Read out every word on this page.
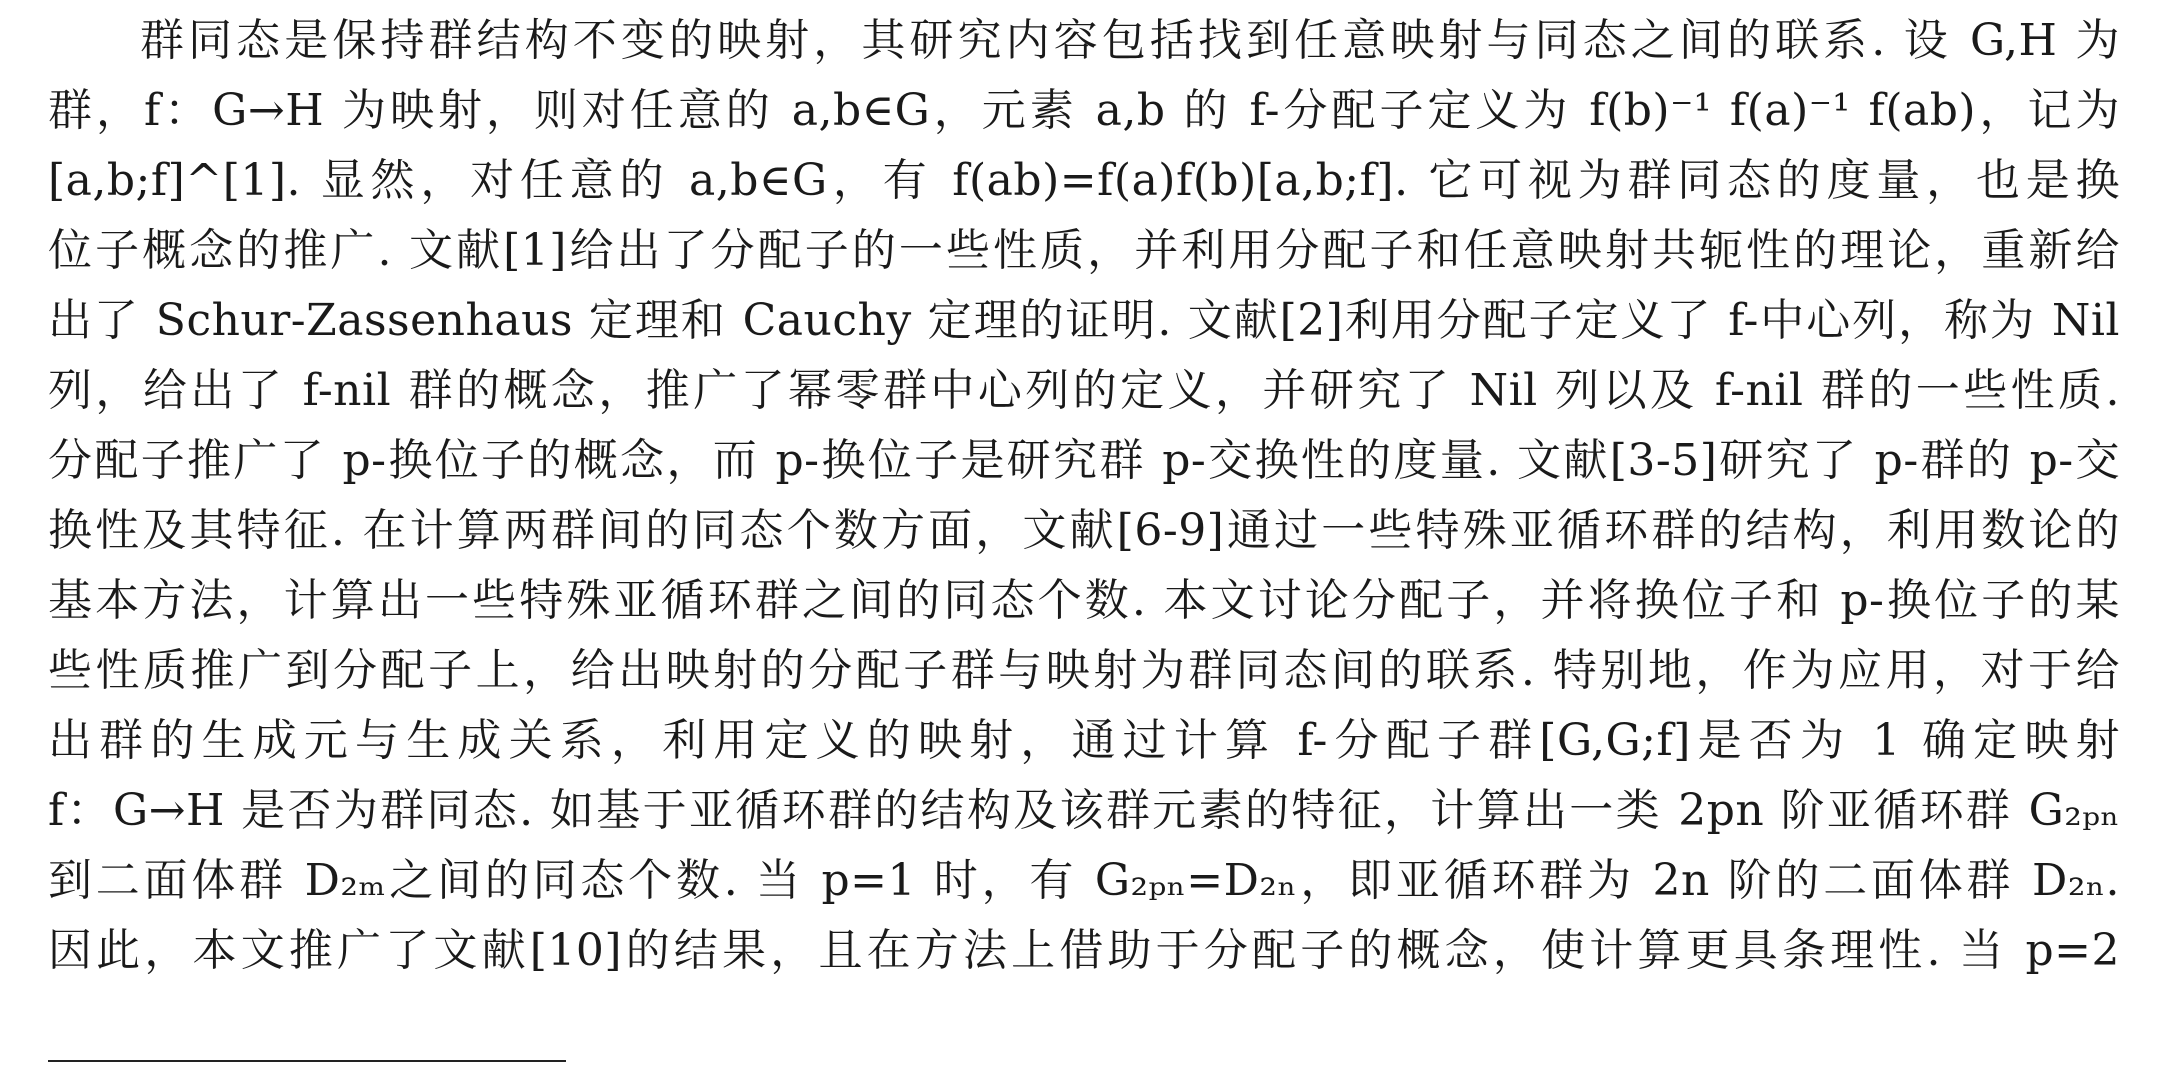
群同态是保持群结构不变的映射，其研究内容包括找到任意映射与同态之间的联系. 设 G,H 为
群，f：G→H 为映射，则对任意的 a,b∈G，元素 a,b 的 f-分配子定义为 f(b)⁻¹ f(a)⁻¹ f(ab)，记为
[a,b;f]^[1]. 显然，对任意的 a,b∈G，有 f(ab)=f(a)f(b)[a,b;f]. 它可视为群同态的度量，也是换
位子概念的推广. 文献[1]给出了分配子的一些性质，并利用分配子和任意映射共轭性的理论，重新给
出了 Schur-Zassenhaus 定理和 Cauchy 定理的证明. 文献[2]利用分配子定义了 f-中心列，称为 Nil
列，给出了 f-nil 群的概念，推广了幂零群中心列的定义，并研究了 Nil 列以及 f-nil 群的一些性质.
分配子推广了 p-换位子的概念，而 p-换位子是研究群 p-交换性的度量. 文献[3-5]研究了 p-群的 p-交
换性及其特征. 在计算两群间的同态个数方面，文献[6-9]通过一些特殊亚循环群的结构，利用数论的
基本方法，计算出一些特殊亚循环群之间的同态个数. 本文讨论分配子，并将换位子和 p-换位子的某
些性质推广到分配子上，给出映射的分配子群与映射为群同态间的联系. 特别地，作为应用，对于给
出群的生成元与生成关系，利用定义的映射，通过计算 f-分配子群[G,G;f]是否为 1 确定映射
f：G→H 是否为群同态. 如基于亚循环群的结构及该群元素的特征，计算出一类 2pn 阶亚循环群 G₂ₚₙ
到二面体群 D₂ₘ之间的同态个数. 当 p=1 时，有 G₂ₚₙ=D₂ₙ，即亚循环群为 2n 阶的二面体群 D₂ₙ.
因此，本文推广了文献[10]的结果，且在方法上借助于分配子的概念，使计算更具条理性. 当 p=2
